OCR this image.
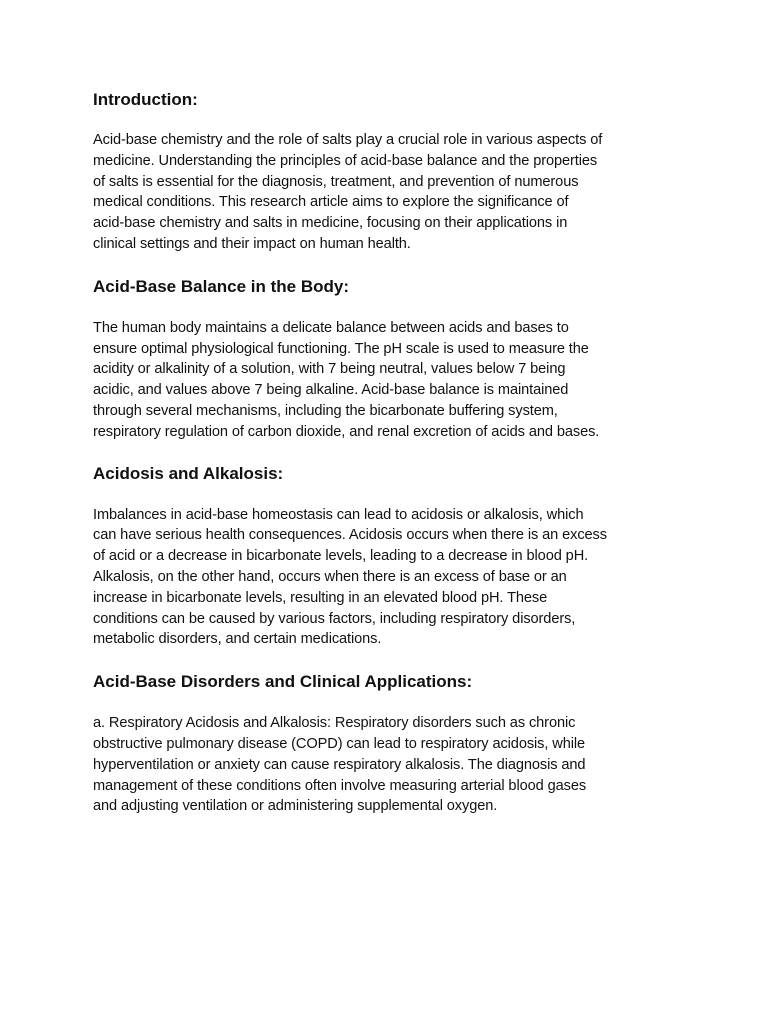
Introduction:

Acid-base chemistry and the role of salts play a crucial role in various aspects of
medicine. Understanding the principles of acid-base balance and the properties
of salts is essential for the diagnosis, treatment, and prevention of numerous
medical conditions. This research article aims to explore the significance of
acid-base chemistry and salts in medicine, focusing on their applications in
clinical settings and their impact on human health.

Acid-Base Balance in the Body:

The human body maintains a delicate balance between acids and bases to
ensure optimal physiological functioning. The pH scale is used to measure the
acidity or alkalinity of a solution, with 7 being neutral, values below 7 being
acidic, and values above 7 being alkaline. Acid-base balance is maintained
through several mechanisms, including the bicarbonate buffering system,
respiratory regulation of carbon dioxide, and renal excretion of acids and bases.

Acidosis and Alkalosis:

Imbalances in acid-base homeostasis can lead to acidosis or alkalosis, which
can have serious health consequences. Acidosis occurs when there is an excess
of acid or a decrease in bicarbonate levels, leading to a decrease in blood pH.
Alkalosis, on the other hand, occurs when there is an excess of base or an
increase in bicarbonate levels, resulting in an elevated blood pH. These
conditions can be caused by various factors, including respiratory disorders,
metabolic disorders, and certain medications.

Acid-Base Disorders and Clinical Applications:

a. Respiratory Acidosis and Alkalosis: Respiratory disorders such as chronic
obstructive pulmonary disease (COPD) can lead to respiratory acidosis, while
hyperventilation or anxiety can cause respiratory alkalosis. The diagnosis and
management of these conditions often involve measuring arterial blood gases
and adjusting ventilation or administering supplemental oxygen.
